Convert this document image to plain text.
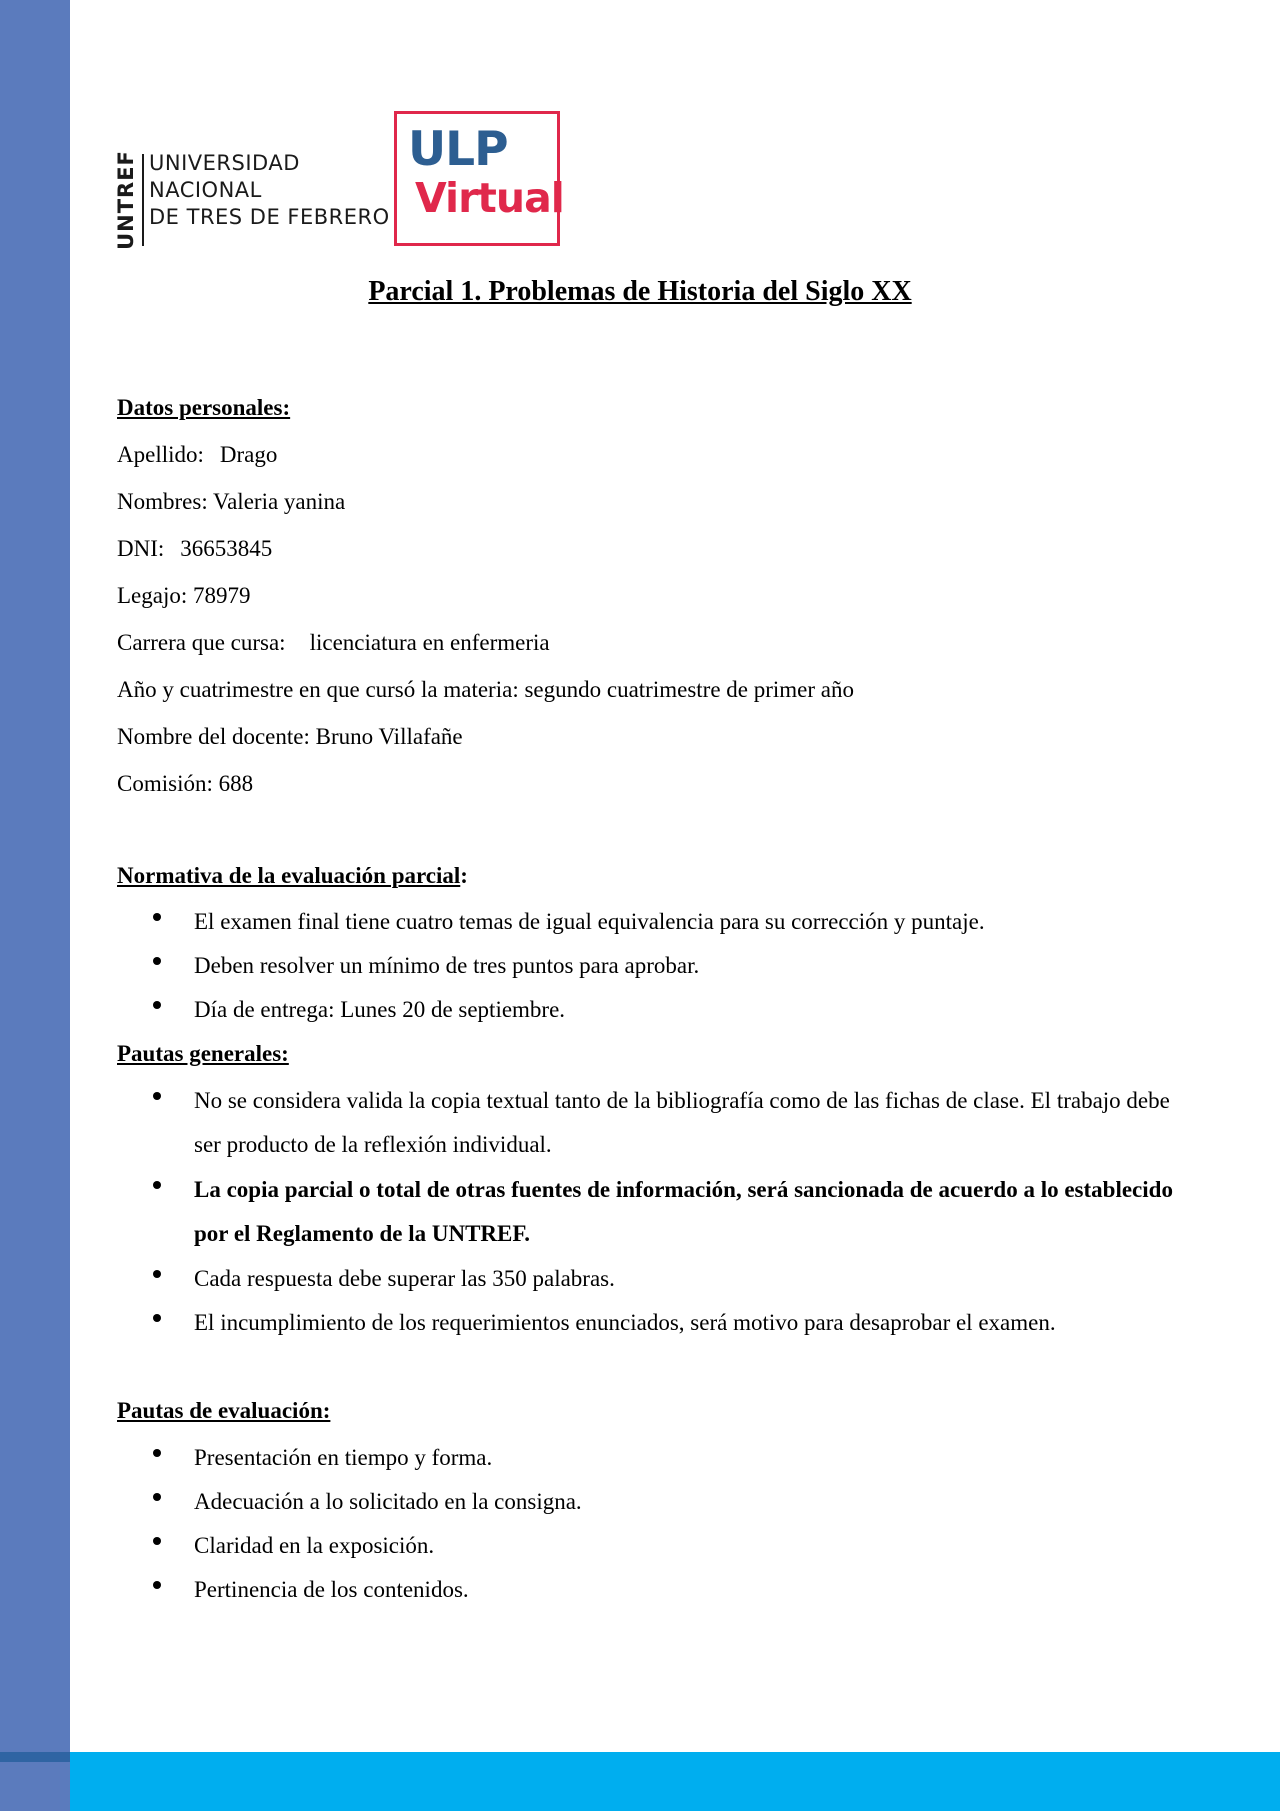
UNTREF UNIVERSIDAD
NACIONAL
DE TRES DE FEBRERO
ULP
Virtual
Parcial 1. Problemas de Historia del Siglo XX
Datos personales:
Apellido: Drago
Nombres: Valeria yanina
DNI: 36653845
Legajo: 78979
Carrera que cursa: licenciatura en enfermeria
Año y cuatrimestre en que cursó la materia: segundo cuatrimestre de primer año
Nombre del docente: Bruno Villafañe
Comisión: 688
Normativa de la evaluación parcial:
El examen final tiene cuatro temas de igual equivalencia para su corrección y puntaje.
Deben resolver un mínimo de tres puntos para aprobar.
Día de entrega: Lunes 20 de septiembre.
Pautas generales:
No se considera valida la copia textual tanto de la bibliografía como de las fichas de clase. El trabajo debe ser producto de la reflexión individual.
La copia parcial o total de otras fuentes de información, será sancionada de acuerdo a lo establecido por el Reglamento de la UNTREF.
Cada respuesta debe superar las 350 palabras.
El incumplimiento de los requerimientos enunciados, será motivo para desaprobar el examen.
Pautas de evaluación:
Presentación en tiempo y forma.
Adecuación a lo solicitado en la consigna.
Claridad en la exposición.
Pertinencia de los contenidos.
